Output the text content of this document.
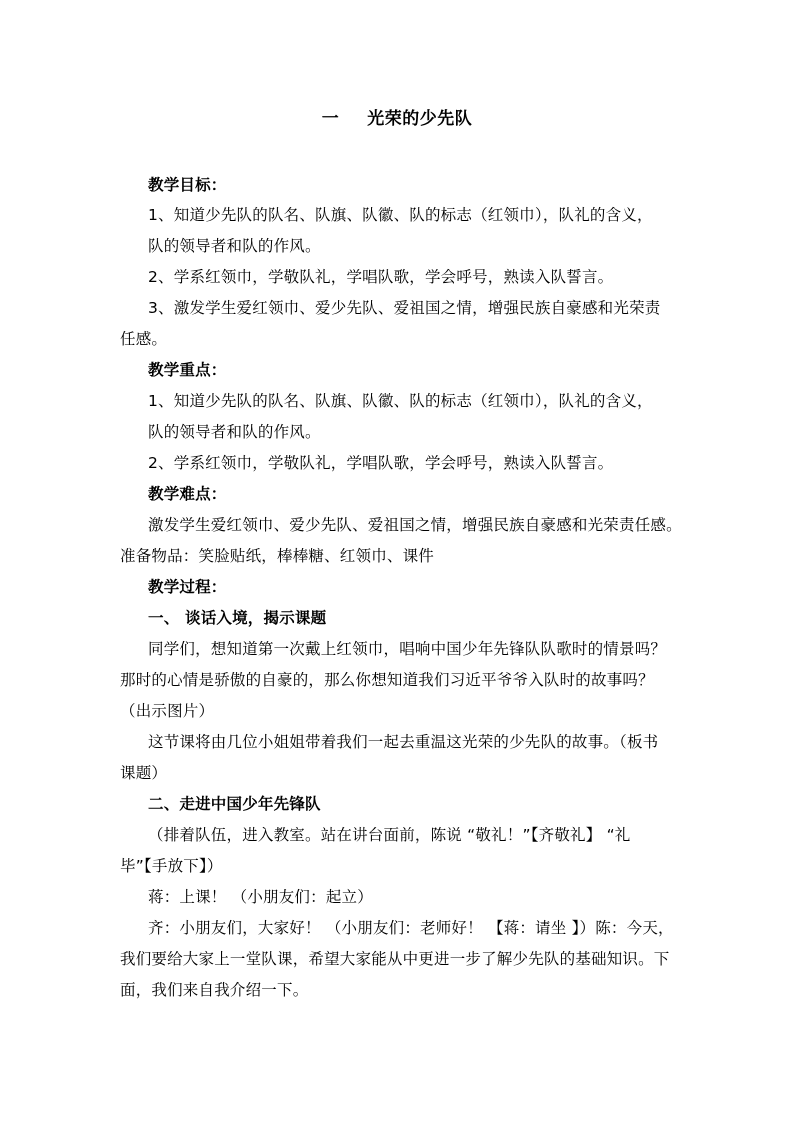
一 光荣的少先队
教学目标：
1、知道少先队的队名、队旗、队徽、队的标志（红领巾），队礼的含义，
队的领导者和队的作风。
2、学系红领巾，学敬队礼，学唱队歌，学会呼号，熟读入队誓言。
3、激发学生爱红领巾、爱少先队、爱祖国之情，增强民族自豪感和光荣责
任感。
教学重点：
1、知道少先队的队名、队旗、队徽、队的标志（红领巾），队礼的含义，
队的领导者和队的作风。
2、学系红领巾，学敬队礼，学唱队歌，学会呼号，熟读入队誓言。
教学难点：
激发学生爱红领巾、爱少先队、爱祖国之情，增强民族自豪感和光荣责任感。
准备物品：笑脸贴纸，棒棒糖、红领巾、课件
教学过程：
一、 谈话入境，揭示课题
同学们，想知道第一次戴上红领巾，唱响中国少年先锋队队歌时的情景吗？
那时的心情是骄傲的自豪的，那么你想知道我们习近平爷爷入队时的故事吗？
（出示图片）
这节课将由几位小姐姐带着我们一起去重温这光荣的少先队的故事。（板书
课题）
二、走进中国少年先锋队
（排着队伍，进入教室。站在讲台面前，陈说 “敬礼！”【齐敬礼】 “礼
毕”【手放下】）
蒋：上课！ （小朋友们：起立）
齐：小朋友们，大家好！ （小朋友们：老师好！ 【蒋：请坐 】）陈：今天，
我们要给大家上一堂队课，希望大家能从中更进一步了解少先队的基础知识。下
面，我们来自我介绍一下。
